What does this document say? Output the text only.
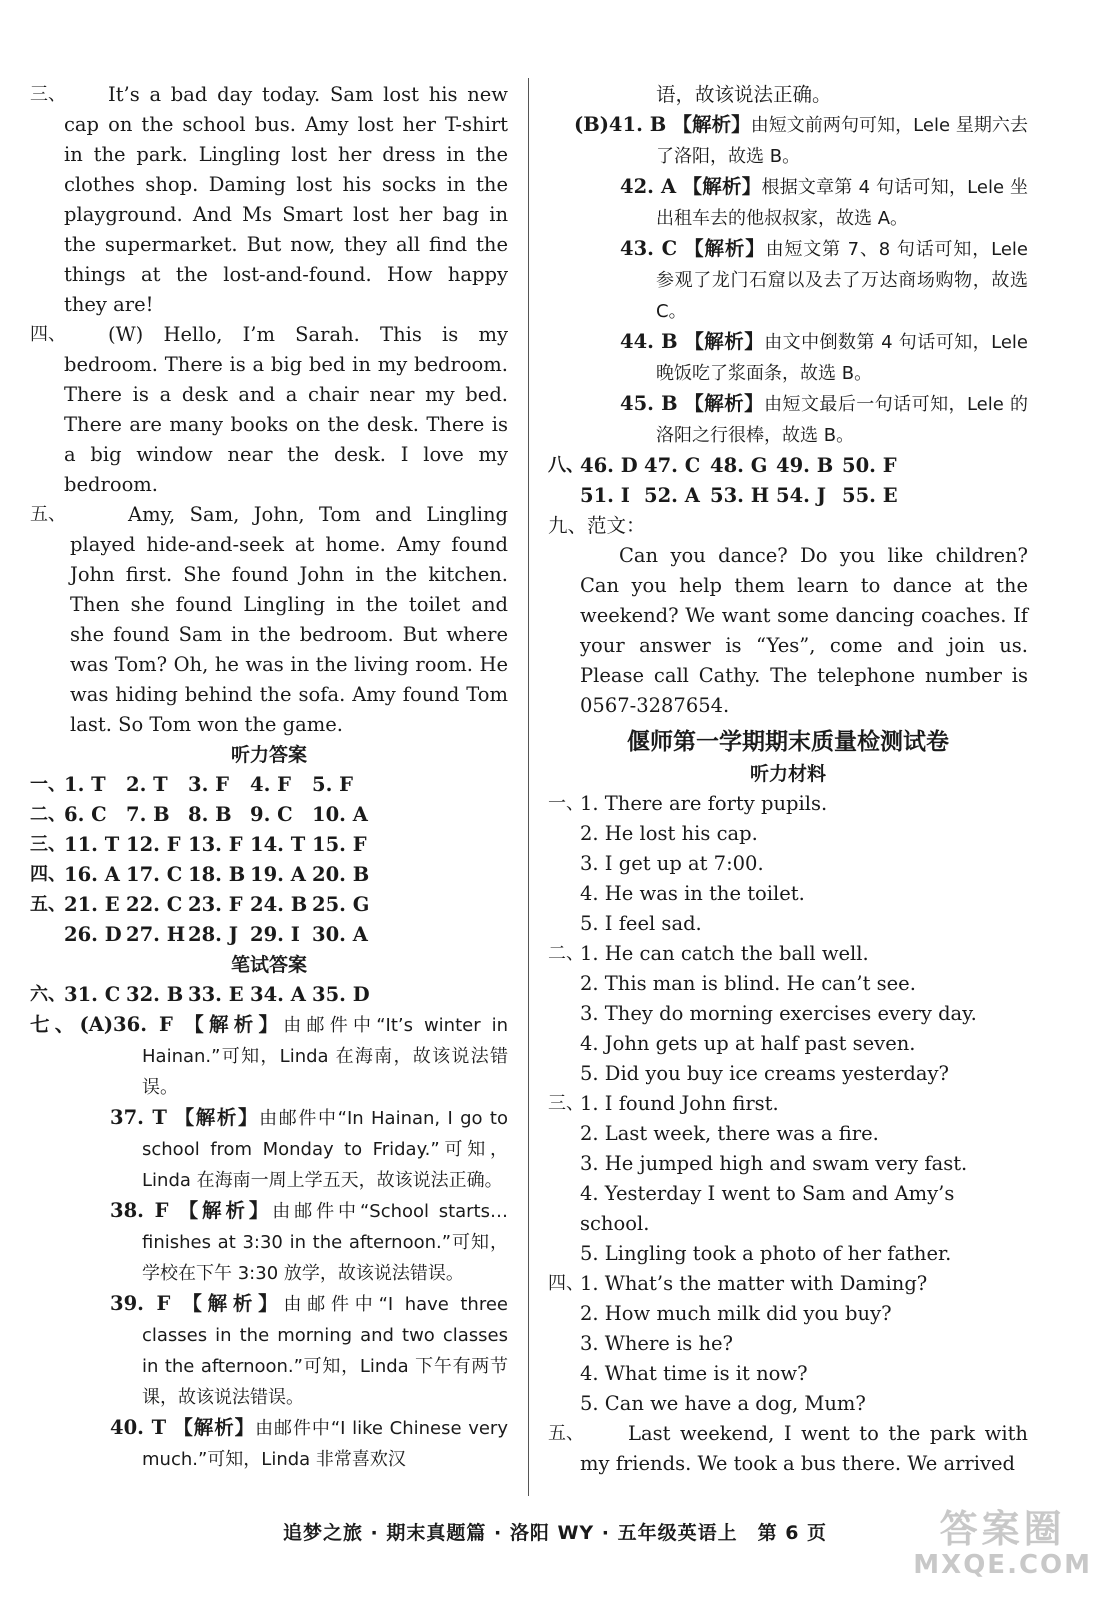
三、	It’s a bad day today. Sam lost his new cap on the school bus. Amy lost her T-shirt in the park. Lingling lost her dress in the clothes shop. Daming lost his socks in the playground. And Ms Smart lost her bag in the supermarket. But now, they all find the things at the lost-and-found. How happy they are!
四、	(W) Hello, I’m Sarah. This is my bedroom. There is a big bed in my bedroom. There is a desk and a chair near my bed. There are many books on the desk. There is a big window near the desk. I love my bedroom.
五、	Amy, Sam, John, Tom and Lingling played hide-and-seek at home. Amy found John first. She found John in the kitchen. Then she found Lingling in the toilet and she found Sam in the bedroom. But where was Tom? Oh, he was in the living room. He was hiding behind the sofa. Amy found Tom last. So Tom won the game.
听力答案
一、
1. T	2. T	3. F	4. F	5. F
二、
6. C 7. B 8. B 9. C 10. A
三、
11. T 12. F 13. F 14. T 15. F
四、
16. A 17. C 18. B 19. A 20. B
五、
21. E 22. C 23. F 24. B 25. G
26. D 27. H 28. J 29. I 30. A
笔试答案
六、
31. C 32. B 33. E 34. A 35. D
七、(A)36. F 【解析】由邮件中“It’s winter in Hainan.”可知，Linda 在海南，故该说法错误。
37. T 【解析】由邮件中“In Hainan, I go to school from Monday to Friday.”可知，Linda 在海南一周上学五天，故该说法正确。
38. F 【解析】由邮件中“School starts…finishes at 3:30 in the afternoon.”可知，学校在下午 3:30 放学，故该说法错误。
39. F 【解析】由邮件中“I have three classes in the morning and two classes in the afternoon.”可知，Linda 下午有两节课，故该说法错误。
40. T 【解析】由邮件中“I like Chinese very much.”可知，Linda 非常喜欢汉
语，故该说法正确。
(B)41. B 【解析】由短文前两句可知，Lele 星期六去了洛阳，故选 B。
42. A 【解析】根据文章第 4 句话可知，Lele 坐出租车去的他叔叔家，故选 A。
43. C 【解析】由短文第 7、8 句话可知，Lele 参观了龙门石窟以及去了万达商场购物，故选 C。
44. B 【解析】由文中倒数第 4 句话可知，Lele 晚饭吃了浆面条，故选 B。
45. B 【解析】由短文最后一句话可知，Lele 的洛阳之行很棒，故选 B。
八、
46. D 47. C 48. G 49. B 50. F
51. I 52. A 53. H 54. J 55. E
九、范文：
Can you dance? Do you like children? Can you help them learn to dance at the weekend? We want some dancing coaches. If your answer is “Yes”, come and join us. Please call Cathy. The telephone number is 0567-3287654.
偃师第一学期期末质量检测试卷
听力材料
一、
1. There are forty pupils.
2. He lost his cap.
3. I get up at 7:00.
4. He was in the toilet.
5. I feel sad.
二、
1. He can catch the ball well.
2. This man is blind. He can’t see.
3. They do morning exercises every day.
4. John gets up at half past seven.
5. Did you buy ice creams yesterday?
三、
1. I found John first.
2. Last week, there was a fire.
3. He jumped high and swam very fast.
4. Yesterday I went to Sam and Amy’s school.
5. Lingling took a photo of her father.
四、
1. What’s the matter with Daming?
2. How much milk did you buy?
3. Where is he?
4. What time is it now?
5. Can we have a dog, Mum?
五、	Last weekend, I went to the park with my friends. We took a bus there. We arrived
追梦之旅 · 期末真题篇 · 洛阳 WY · 五年级英语上　第 6 页	答案圈
MXQE.COM
